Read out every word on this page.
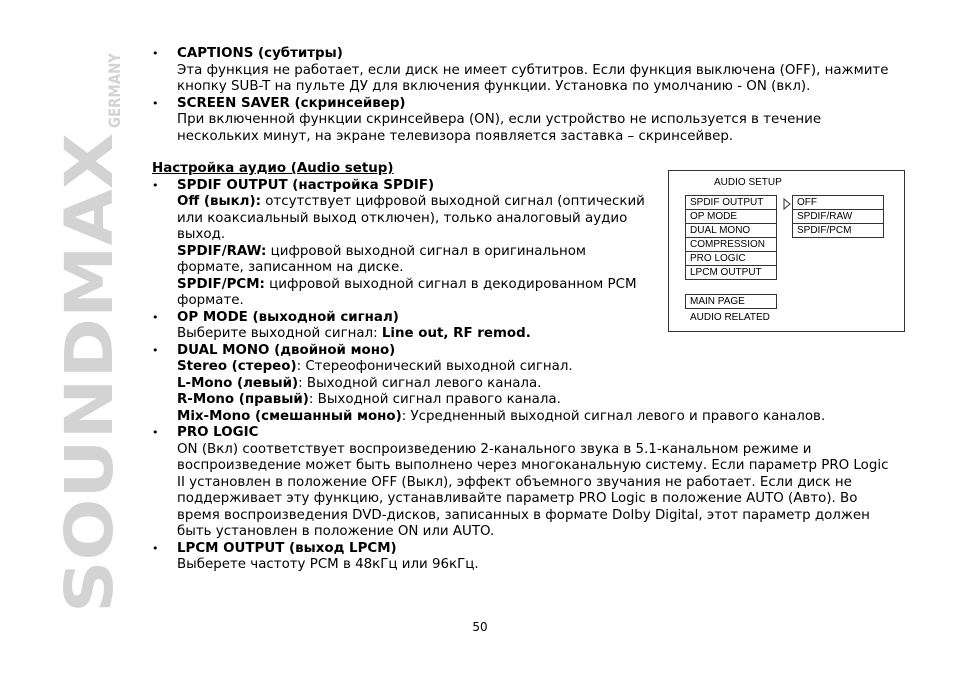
SOUNDMAX
GERMANY	• CAPTIONS (субтитры)
Эта функция не работает, если диск не имеет субтитров. Если функция выключена (OFF), нажмите
кнопку SUB-T на пульте ДУ для включения функции. Установка по умолчанию - ON (вкл).
• SCREEN SAVER (скринсейвер)
При включенной функции скринсейвера (ON), если устройство не используется в течение
нескольких минут, на экране телевизора появляется заставка – скринсейвер.
Настройка аудио (Audio setup)
• SPDIF OUTPUT (настройка SPDIF)
Off (выкл): отсутствует цифровой выходной сигнал (оптический
или коаксиальный выход отключен), только аналоговый аудио
выход.
SPDIF/RAW: цифровой выходной сигнал в оригинальном
формате, записанном на диске.
SPDIF/PCM: цифровой выходной сигнал в декодированном PCM
формате.
• OP MODE (выходной сигнал)
Выберите выходной сигнал: Line out, RF remod.
• DUAL MONO (двойной моно)
Stereo (стерео): Стереофонический выходной сигнал.
L-Mono (левый): Выходной сигнал левого канала.
R-Mono (правый): Выходной сигнал правого канала.
Mix-Mono (смешанный моно): Усредненный выходной сигнал левого и правого каналов.
• PRO LOGIC
ON (Вкл) соответствует воспроизведению 2-канального звука в 5.1-канальном режиме и
воспроизведение может быть выполнено через многоканальную систему. Если параметр PRO Logic
II установлен в положение OFF (Выкл), эффект объемного звучания не работает. Если диск не
поддерживает эту функцию, устанавливайте параметр PRO Logic в положение AUTO (Авто). Во
время воспроизведения DVD-дисков, записанных в формате Dolby Digital, этот параметр должен
быть установлен в положение ON или AUTO.
• LPCM OUTPUT (выход LPCM)
Выберете частоту PCM в 48кГц или 96кГц.
AUDIO SETUP
SPDIF OUTPUT
OP MODE
DUAL MONO
COMPRESSION
PRO LOGIC
LPCM OUTPUT
OFF
SPDIF/RAW
SPDIF/PCM
MAIN PAGE
AUDIO RELATED
50
